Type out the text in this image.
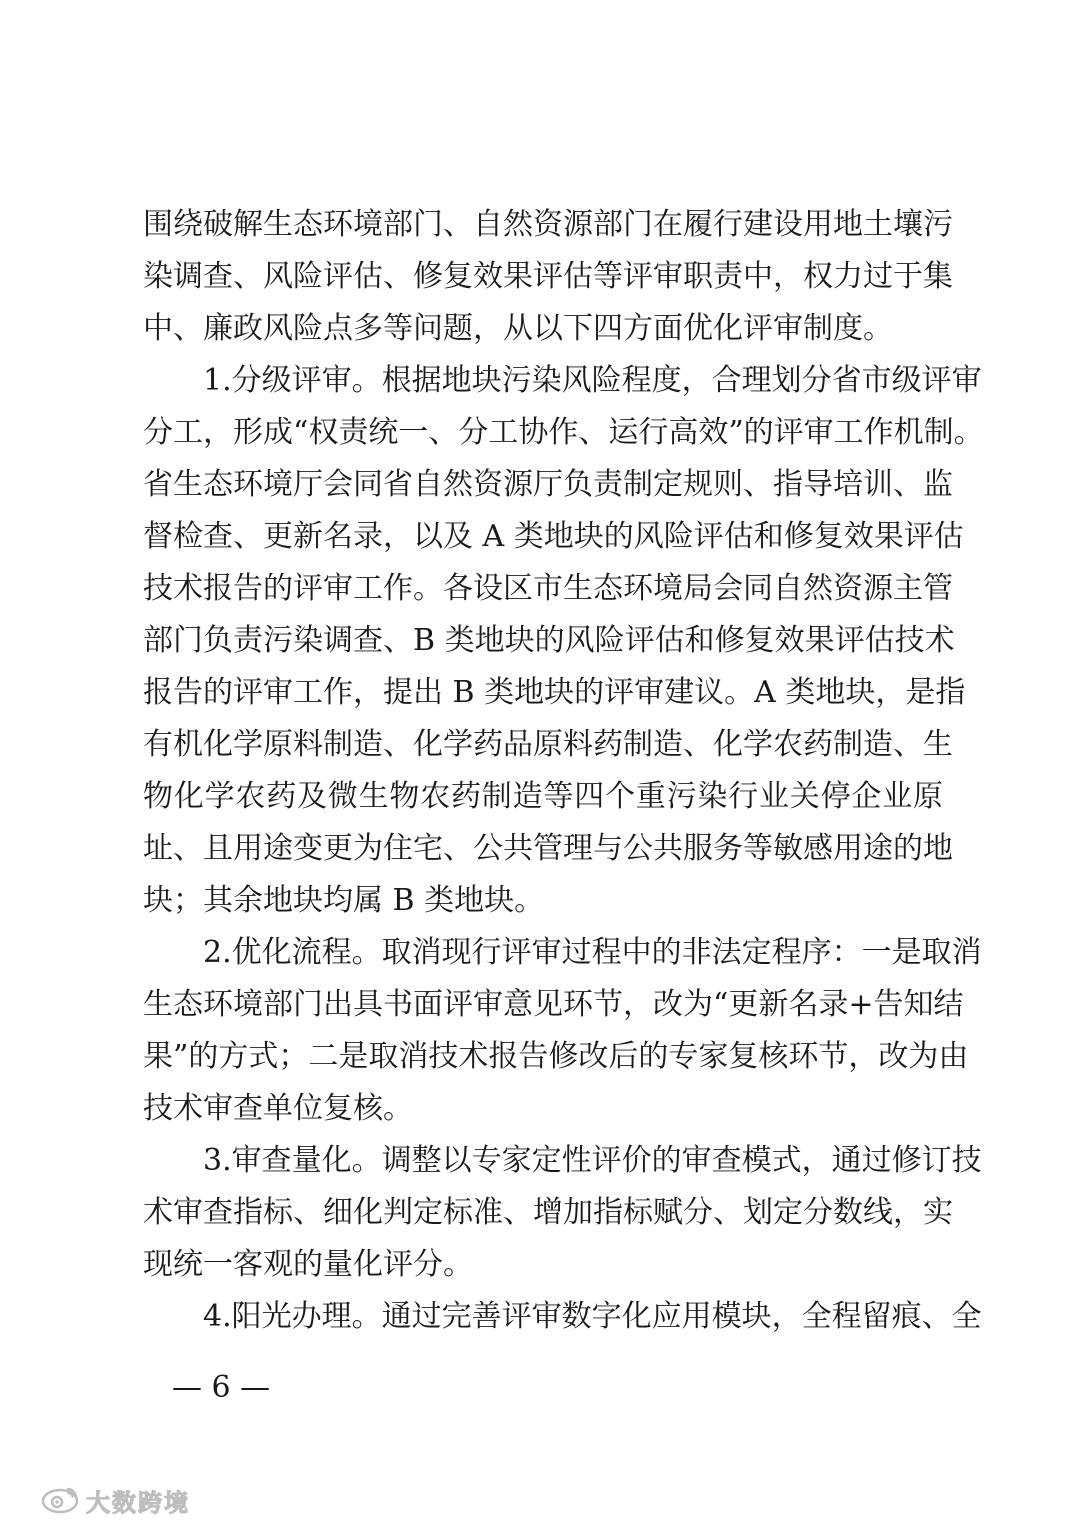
围绕破解生态环境部门、自然资源部门在履行建设用地土壤污
染调查、风险评估、修复效果评估等评审职责中，权力过于集
中、廉政风险点多等问题，从以下四方面优化评审制度。
　　1.分级评审。根据地块污染风险程度，合理划分省市级评审
分工，形成“权责统一、分工协作、运行高效”的评审工作机制。
省生态环境厅会同省自然资源厅负责制定规则、指导培训、监
督检查、更新名录，以及 A 类地块的风险评估和修复效果评估
技术报告的评审工作。各设区市生态环境局会同自然资源主管
部门负责污染调查、B 类地块的风险评估和修复效果评估技术
报告的评审工作，提出 B 类地块的评审建议。A 类地块，是指
有机化学原料制造、化学药品原料药制造、化学农药制造、生
物化学农药及微生物农药制造等四个重污染行业关停企业原
址、且用途变更为住宅、公共管理与公共服务等敏感用途的地
块；其余地块均属 B 类地块。
　　2.优化流程。取消现行评审过程中的非法定程序：一是取消
生态环境部门出具书面评审意见环节，改为“更新名录+告知结
果”的方式；二是取消技术报告修改后的专家复核环节，改为由
技术审查单位复核。
　　3.审查量化。调整以专家定性评价的审查模式，通过修订技
术审查指标、细化判定标准、增加指标赋分、划定分数线，实
现统一客观的量化评分。
　　4.阳光办理。通过完善评审数字化应用模块，全程留痕、全
— 6 —
大数跨境
